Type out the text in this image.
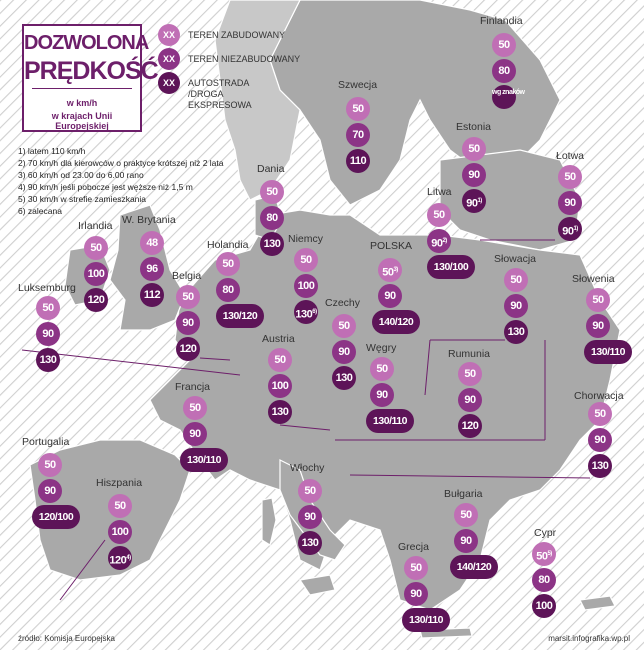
DOZWOLONA
PRĘDKOŚĆ
w km/h
w krajach Unii Europejskiej
XX	TEREN ZABUDOWANY
XX	TEREN NIEZABUDOWANY
XX	AUTOSTRADA /DROGA EKSPRESOWA
1) latem 110 km/h
2) 70 km/h dla kierowców o praktyce krótszej niż 2 lata
3) 60 km/h od 23.00 do 6.00 rano
4) 90 km/h jeśli pobocze jest węższe niż 1,5 m
5) 30 km/h w strefie zamieszkania
6) zalecana
Finlandia
50
80
wg znaków
Szwecja
50
70
110
Estonia
50
90
90$^{1)}$
Łotwa
50
90
90$^{1)}$
Dania
50
80
130
Litwa
50
90$^{2)}$
130/100
Irlandia
50
100
120
W. Brytania
48
96
112
Holandia
50
80
130/120
Niemcy
50
100
130$^{6)}$
POLSKA
50$^{3)}$
90
140/120
Słowacja
50
90
130
Luksemburg
50
90
130
Belgia
50
90
120
Czechy
50
90
130
Słowenia
50
90
130/110
Austria
50
100
130
Węgry
50
90
130/110
Rumunia
50
90
120
Francja
50
90
130/110
Chorwacja
50
90
130
Portugalia
50
90
120/100
Hiszpania
50
100
120$^{4)}$
Włochy
50
90
130
Bułgaria
50
90
140/120
Cypr
50$^{5)}$
80
100
Grecja
50
90
130/110
źródło: Komisja Europejska	marsit.infografika.wp.pl
